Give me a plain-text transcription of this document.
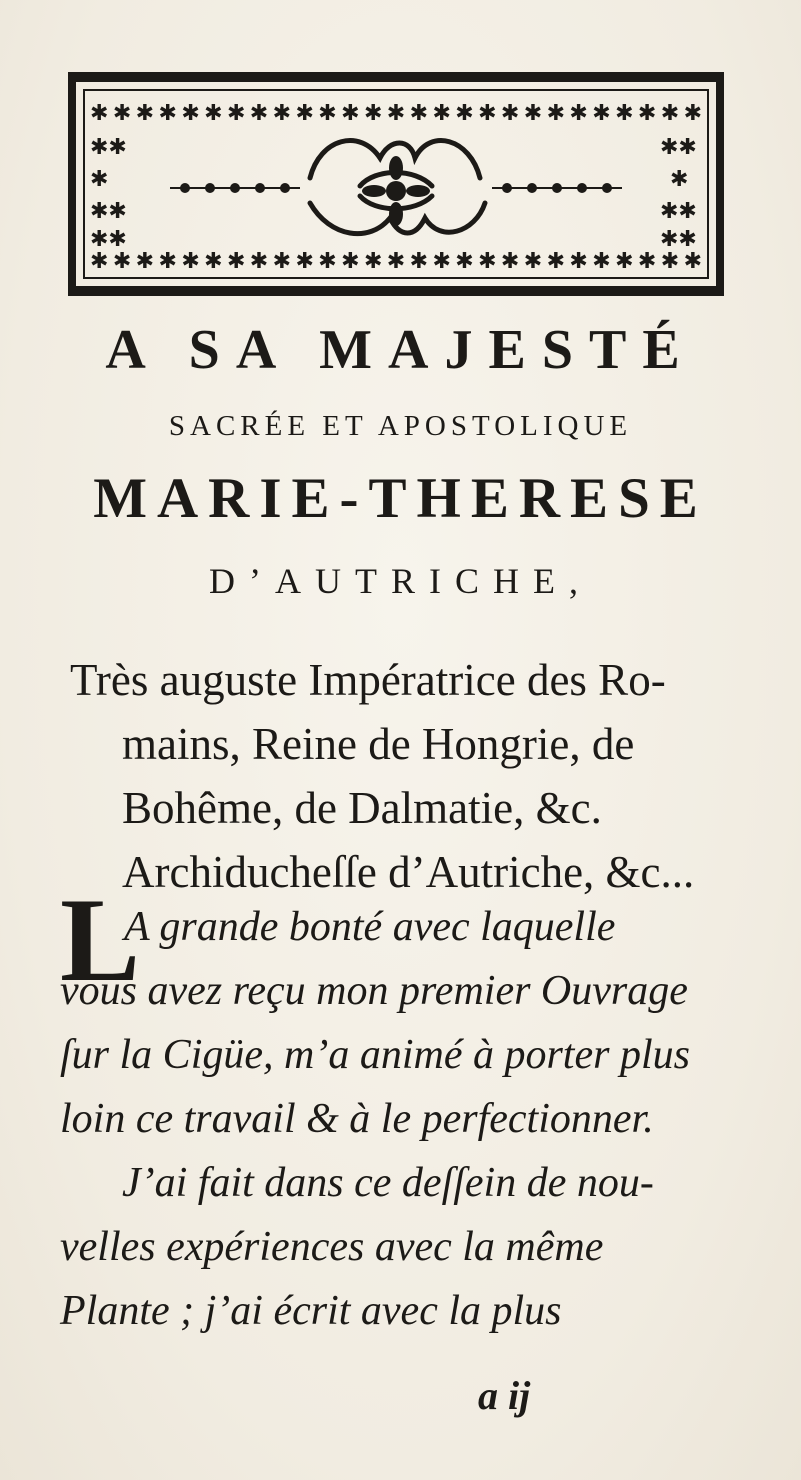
✱✱✱✱✱✱✱✱✱✱✱✱✱✱✱✱✱✱✱✱✱✱✱✱✱✱✱
✱✱✱✱✱✱✱✱✱✱✱✱✱✱✱✱✱✱✱✱✱✱✱✱✱✱✱
✱✱
✱
✱✱
✱✱
✱✱
✱
✱✱
✱✱
A SA MAJESTÉ
SACRÉE ET APOSTOLIQUE
MARIE-THERESE
D’AUTRICHE,
Très auguste Impératrice des Ro-
mains, Reine de Hongrie, de
Bohême, de Dalmatie, &c.
Archiducheſſe d’Autriche, &c...
L
A grande bonté avec laquelle
vous avez reçu mon premier Ouvrage
ſur la Cigüe, m’a animé à porter plus
loin ce travail & à le perfectionner.
J’ai fait dans ce deſſein de nou-
velles expériences avec la même
Plante ; j’ai écrit avec la plus
a ij
